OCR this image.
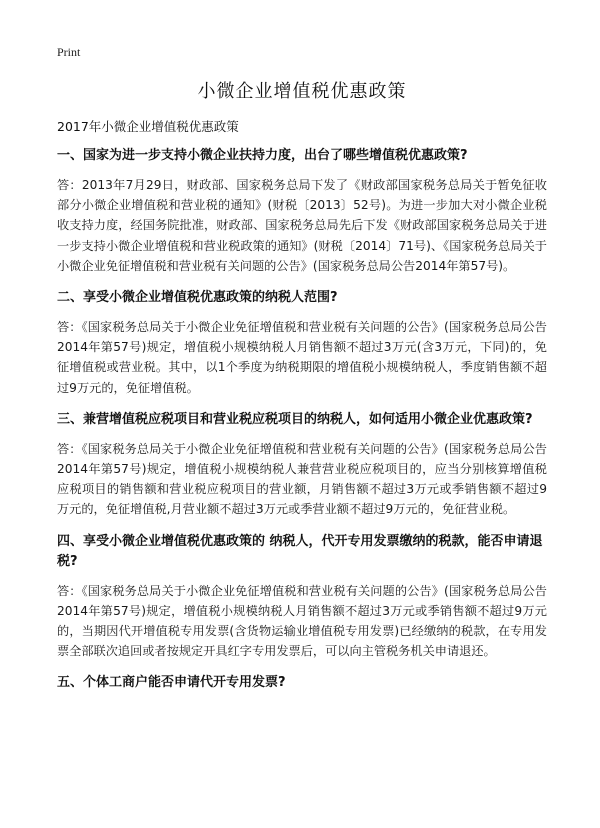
Print
小微企业增值税优惠政策
2017年小微企业增值税优惠政策
一、国家为进一步支持小微企业扶持力度，出台了哪些增值税优惠政策?
答：2013年7月29日，财政部、国家税务总局下发了《财政部国家税务总局关于暂免征收部分小微企业增值税和营业税的通知》(财税〔2013〕52号)。为进一步加大对小微企业税收支持力度，经国务院批准，财政部、国家税务总局先后下发《财政部国家税务总局关于进一步支持小微企业增值税和营业税政策的通知》(财税〔2014〕71号)、《国家税务总局关于小微企业免征增值税和营业税有关问题的公告》(国家税务总局公告2014年第57号)。
二、享受小微企业增值税优惠政策的纳税人范围?
答：《国家税务总局关于小微企业免征增值税和营业税有关问题的公告》(国家税务总局公告2014年第57号)规定，增值税小规模纳税人月销售额不超过3万元(含3万元，下同)的，免征增值税或营业税。其中，以1个季度为纳税期限的增值税小规模纳税人，季度销售额不超过9万元的，免征增值税。
三、兼营增值税应税项目和营业税应税项目的纳税人，如何适用小微企业优惠政策?
答：《国家税务总局关于小微企业免征增值税和营业税有关问题的公告》(国家税务总局公告2014年第57号)规定，增值税小规模纳税人兼营营业税应税项目的，应当分别核算增值税应税项目的销售额和营业税应税项目的营业额，月销售额不超过3万元或季销售额不超过9万元的，免征增值税,月营业额不超过3万元或季营业额不超过9万元的，免征营业税。
四、享受小微企业增值税优惠政策的 纳税人，代开专用发票缴纳的税款，能否申请退税?
答：《国家税务总局关于小微企业免征增值税和营业税有关问题的公告》(国家税务总局公告2014年第57号)规定，增值税小规模纳税人月销售额不超过3万元或季销售额不超过9万元的，当期因代开增值税专用发票(含货物运输业增值税专用发票)已经缴纳的税款，在专用发票全部联次追回或者按规定开具红字专用发票后，可以向主管税务机关申请退还。
五、个体工商户能否申请代开专用发票?
